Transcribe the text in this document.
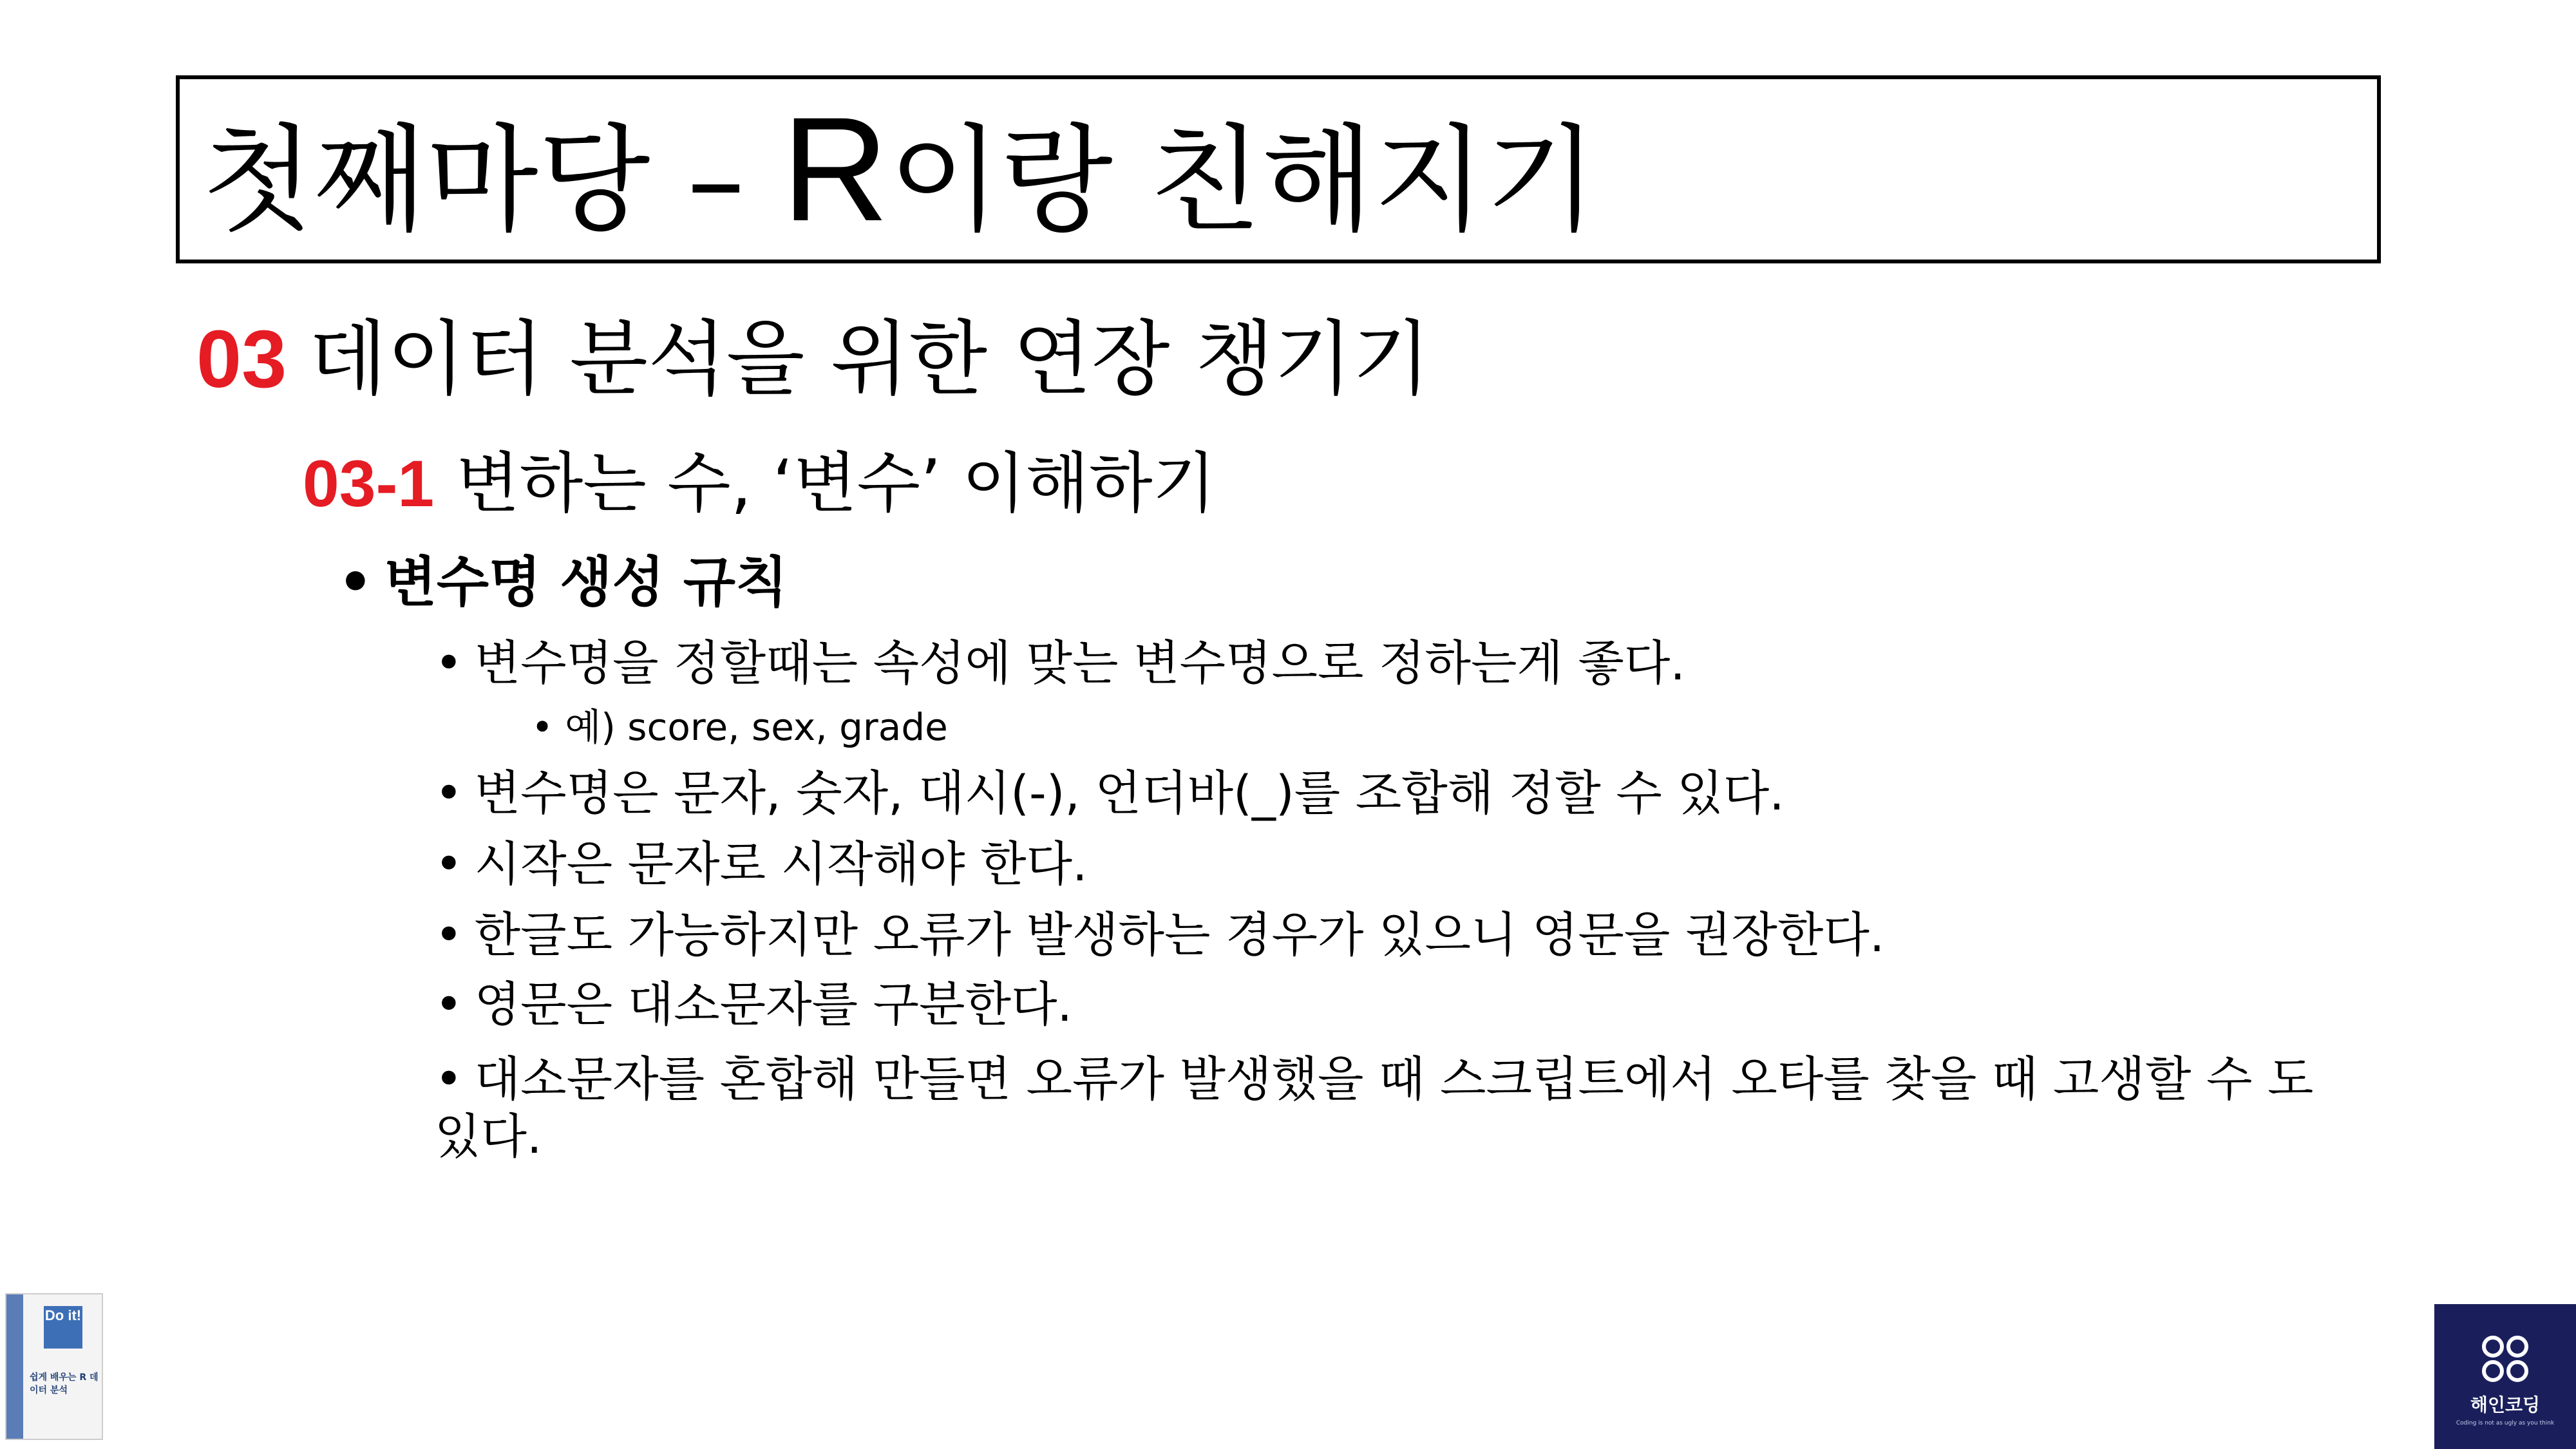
첫째마당 – R이랑 친해지기
03 데이터 분석을 위한 연장 챙기기
03-1 변하는 수, ‘변수’ 이해하기
• 변수명 생성 규칙
• 변수명을 정할때는 속성에 맞는 변수명으로 정하는게 좋다.
• 예) score, sex, grade
• 변수명은 문자, 숫자, 대시(-), 언더바(_)를 조합해 정할 수 있다.
• 시작은 문자로 시작해야 한다.
• 한글도 가능하지만 오류가 발생하는 경우가 있으니 영문을 권장한다.
• 영문은 대소문자를 구분한다.
• 대소문자를 혼합해 만들면 오류가 발생했을 때 스크립트에서 오타를 찾을 때 고생할 수 도 있다.
Do it!
쉽게 배우는 R 데이터 분석
해인코딩
Coding is not as ugly as you think
